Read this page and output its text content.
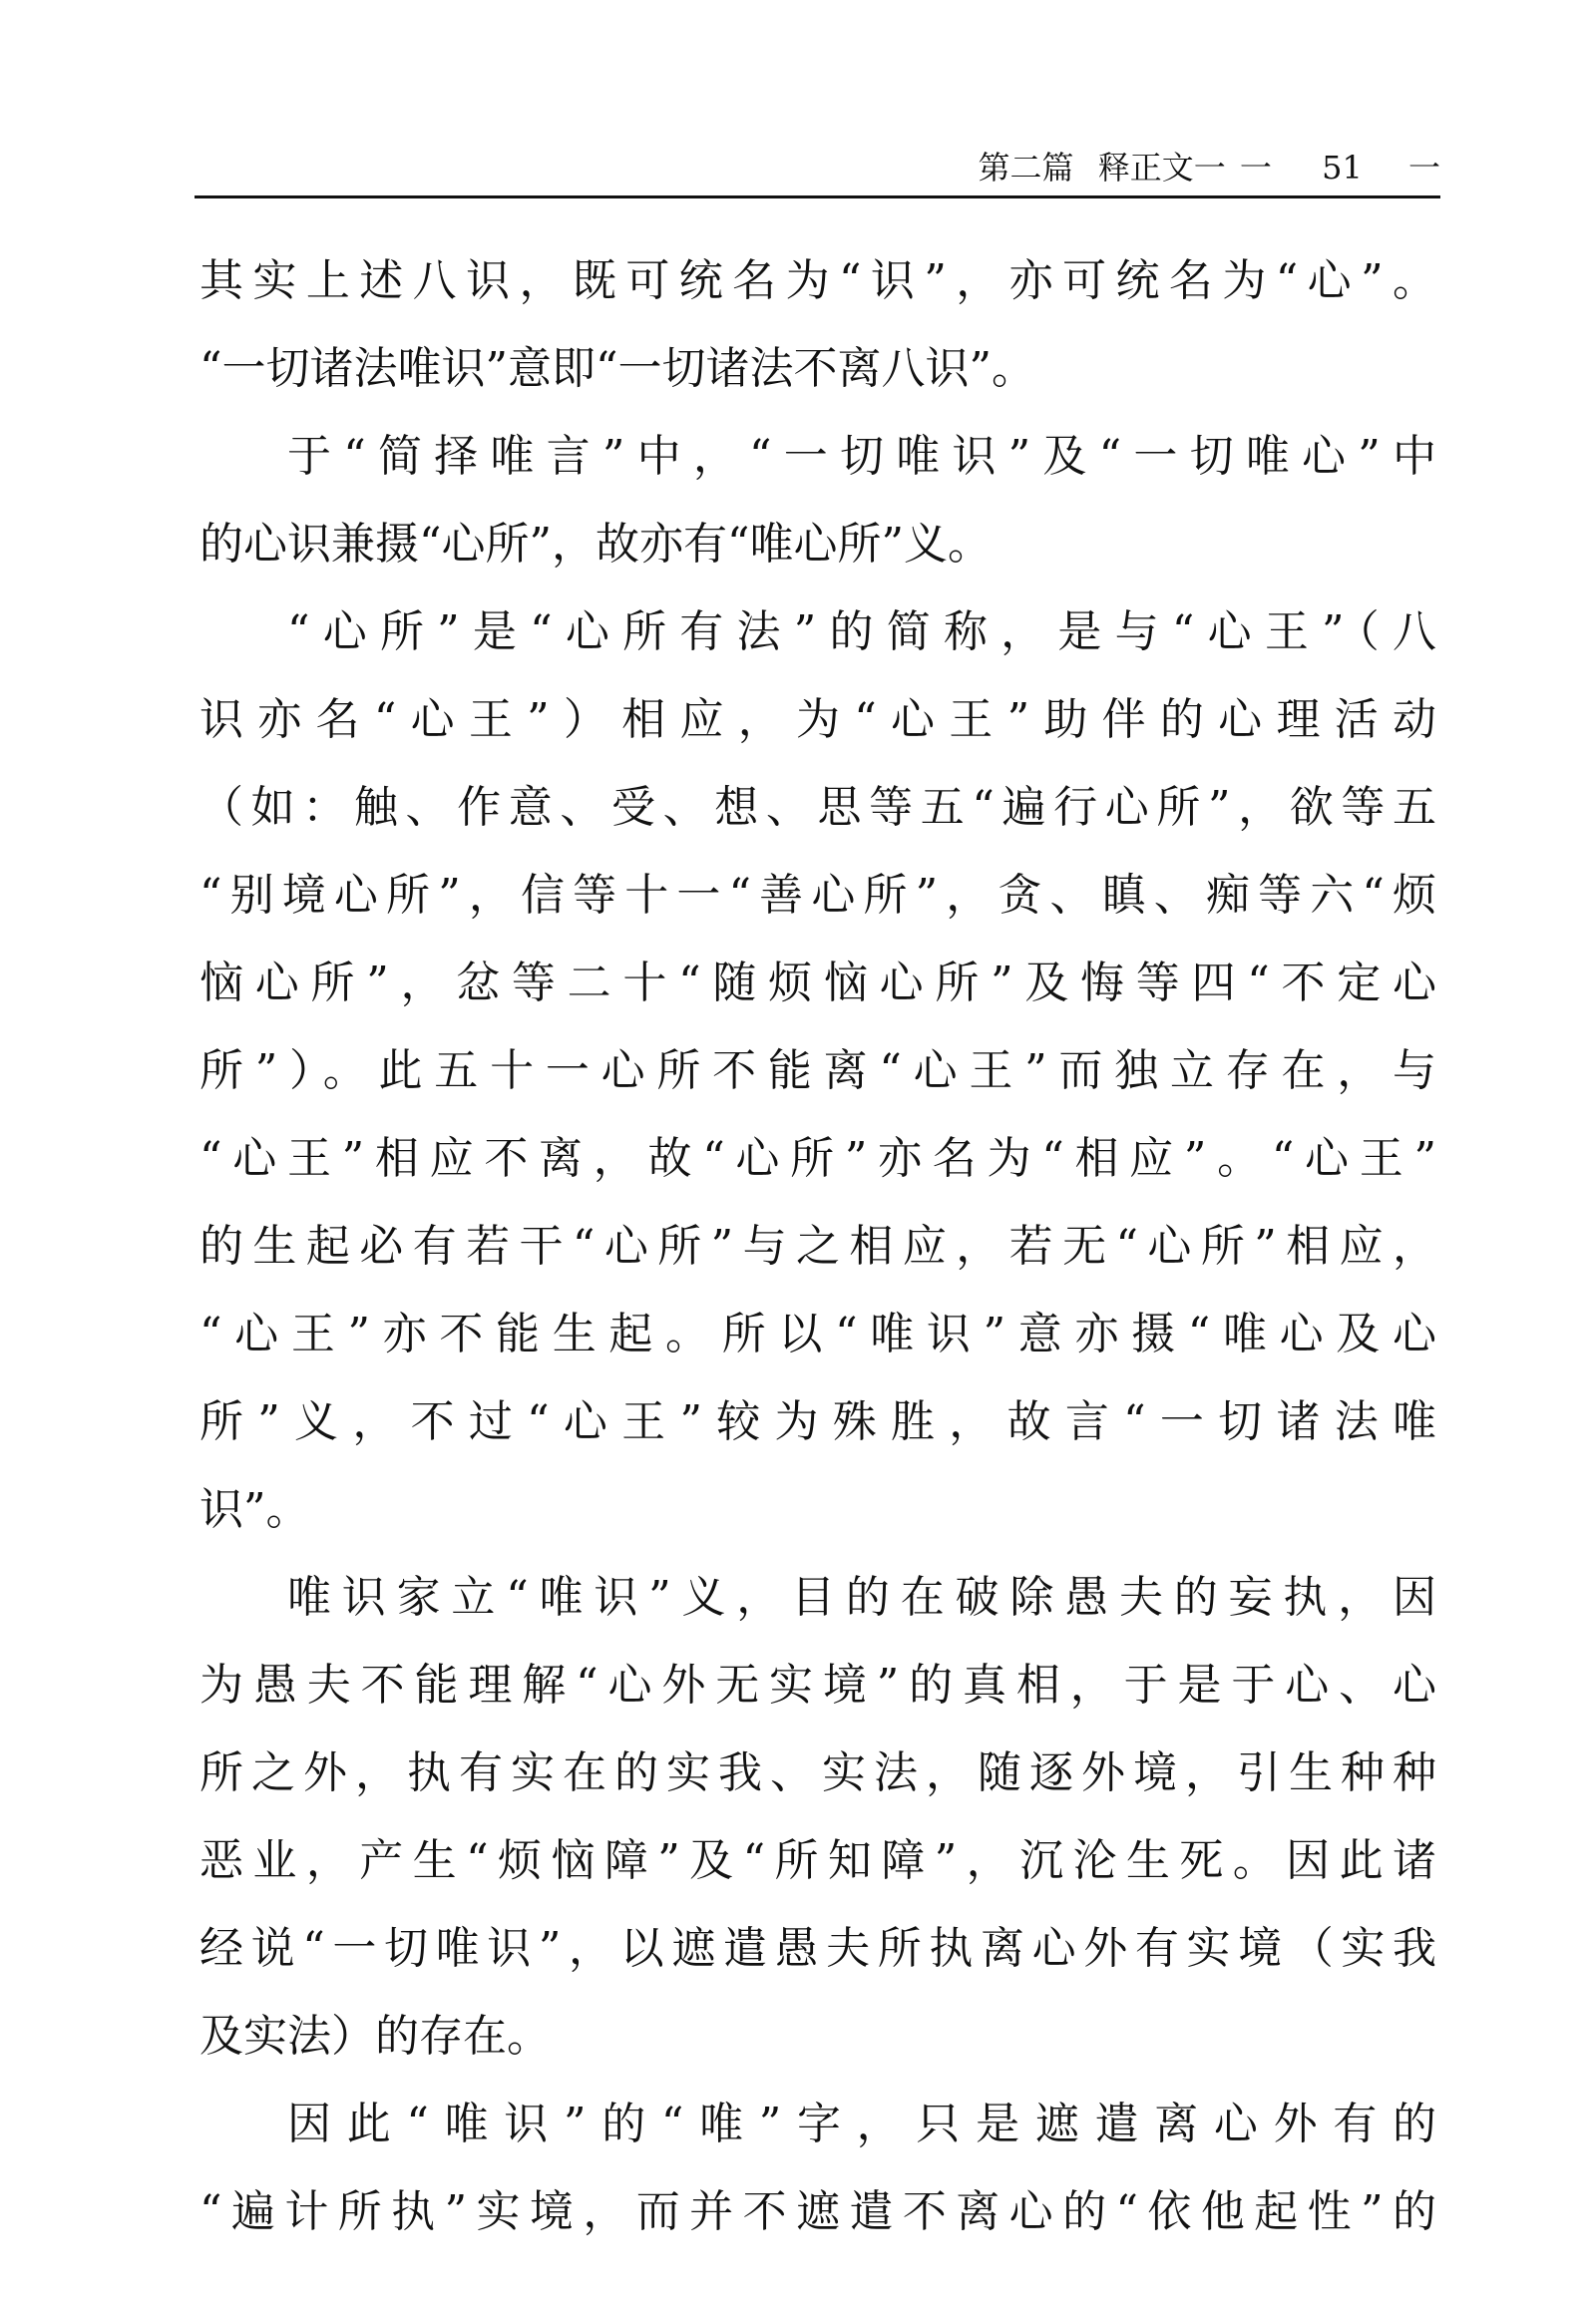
第二篇 释正文一 一 51 一
其实上述八识，既可统名为“识”，亦可统名为“心”。
“一切诸法唯识”意即“一切诸法不离八识”。
于“简择唯言”中，“一切唯识”及“一切唯心”中
的心识兼摄“心所”，故亦有“唯心所”义。
“心所”是“心所有法”的简称，是与“心王”（八
识亦名“心王”）相应，为“心王”助伴的心理活动
（如：触、作意、受、想、思等五“遍行心所”，欲等五
“别境心所”，信等十一“善心所”，贪、瞋、痴等六“烦
恼心所”，忿等二十“随烦恼心所”及悔等四“不定心
所”）。此五十一心所不能离“心王”而独立存在，与
“心王”相应不离，故“心所”亦名为“相应”。“心王”
的生起必有若干“心所”与之相应，若无“心所”相应，
“心王”亦不能生起。所以“唯识”意亦摄“唯心及心
所”义，不过“心王”较为殊胜，故言“一切诸法唯
识”。
唯识家立“唯识”义，目的在破除愚夫的妄执，因
为愚夫不能理解“心外无实境”的真相，于是于心、心
所之外，执有实在的实我、实法，随逐外境，引生种种
恶业，产生“烦恼障”及“所知障”，沉沦生死。因此诸
经说“一切唯识”，以遮遣愚夫所执离心外有实境（实我
及实法）的存在。
因此“唯识”的“唯”字，只是遮遣离心外有的
“遍计所执”实境，而并不遮遣不离心的“依他起性”的
